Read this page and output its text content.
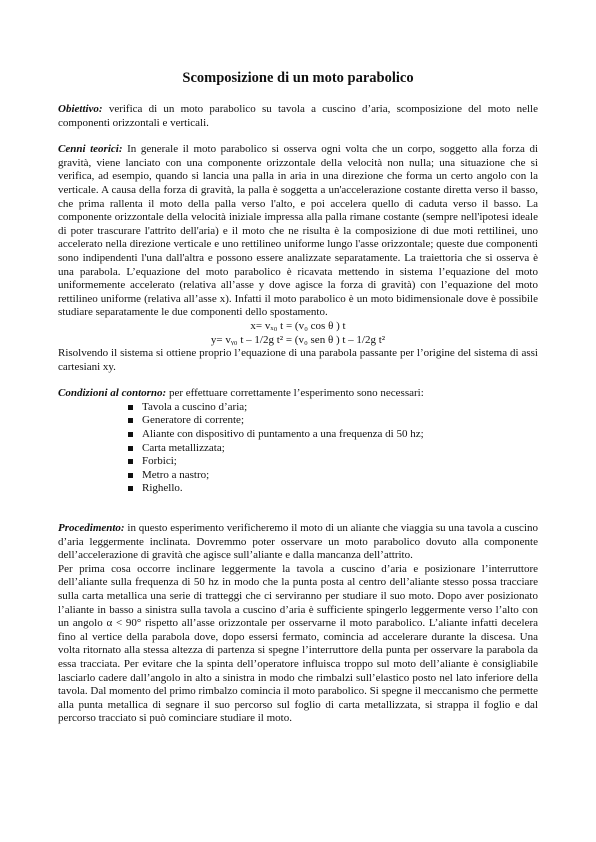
Scomposizione di un moto parabolico

Obiettivo: verifica di un moto parabolico su tavola a cuscino d’aria, scomposizione del moto nelle componenti orizzontali e verticali.

Cenni teorici: In generale il moto parabolico si osserva ogni volta che un corpo, soggetto alla forza di gravità, viene lanciato con una componente orizzontale della velocità non nulla; una situazione che si verifica, ad esempio, quando si lancia una palla in aria in una direzione che forma un certo angolo con la verticale. A causa della forza di gravità, la palla è soggetta a un'accelerazione costante diretta verso il basso, che prima rallenta il moto della palla verso l'alto, e poi accelera quello di caduta verso il basso. La componente orizzontale della velocità iniziale impressa alla palla rimane costante (sempre nell'ipotesi ideale di poter trascurare l'attrito dell'aria) e il moto che ne risulta è la composizione di due moti rettilinei, uno accelerato nella direzione verticale e uno rettilineo uniforme lungo l'asse orizzontale; queste due componenti sono indipendenti l'una dall'altra e possono essere analizzate separatamente. La traiettoria che si osserva è una parabola. L’equazione del moto parabolico è ricavata mettendo in sistema l’equazione del moto uniformemente accelerato (relativa all’asse y dove agisce la forza di gravità) con l’equazione del moto rettilineo uniforme (relativa all’asse x). Infatti il moto parabolico è un moto bidimensionale dove è possibile studiare separatamente le due componenti dello spostamento.

x= vₓ₀ t = (v₀ cos θ ) t
y= vᵧ₀ t – 1/2g t² = (v₀ sen θ ) t – 1/2g t²

Risolvendo il sistema si ottiene proprio l’equazione di una parabola passante per l’origine del sistema di assi cartesiani xy.

Condizioni al contorno: per effettuare correttamente l’esperimento sono necessari:

Tavola a cuscino d’aria;
Generatore di corrente;
Aliante con dispositivo di puntamento a una frequenza di 50 hz;
Carta metallizzata;
Forbici;
Metro a nastro;
Righello.

Procedimento: in questo esperimento verificheremo il moto di un aliante che viaggia su una tavola a cuscino d’aria leggermente inclinata. Dovremmo poter osservare un moto parabolico dovuto alla componente dell’accelerazione di gravità che agisce sull’aliante e dalla mancanza dell’attrito.

Per prima cosa occorre inclinare leggermente la tavola a cuscino d’aria e posizionare l’interruttore dell’aliante sulla frequenza di 50 hz in modo che la punta posta al centro dell’aliante stesso possa tracciare sulla carta metallica una serie di tratteggi che ci serviranno per studiare il suo moto. Dopo aver posizionato l’aliante in basso a sinistra sulla tavola a cuscino d’aria è sufficiente spingerlo leggermente verso l’alto con un angolo α < 90° rispetto all’asse orizzontale per osservarne il moto parabolico. L’aliante infatti decelera fino al vertice della parabola dove, dopo essersi fermato, comincia ad accelerare durante la discesa. Una volta ritornato alla stessa altezza di partenza si spegne l’interruttore della punta per osservare la parabola da essa tracciata. Per evitare che la spinta dell’operatore influisca troppo sul moto dell’aliante è consigliabile lasciarlo cadere dall’angolo in alto a sinistra in modo che rimbalzi sull’elastico posto nel lato inferiore della tavola. Dal momento del primo rimbalzo comincia il moto parabolico. Si spegne il meccanismo che permette alla punta metallica di segnare il suo percorso sul foglio di carta metallizzata, si strappa il foglio e dal percorso tracciato si può cominciare studiare il moto.
